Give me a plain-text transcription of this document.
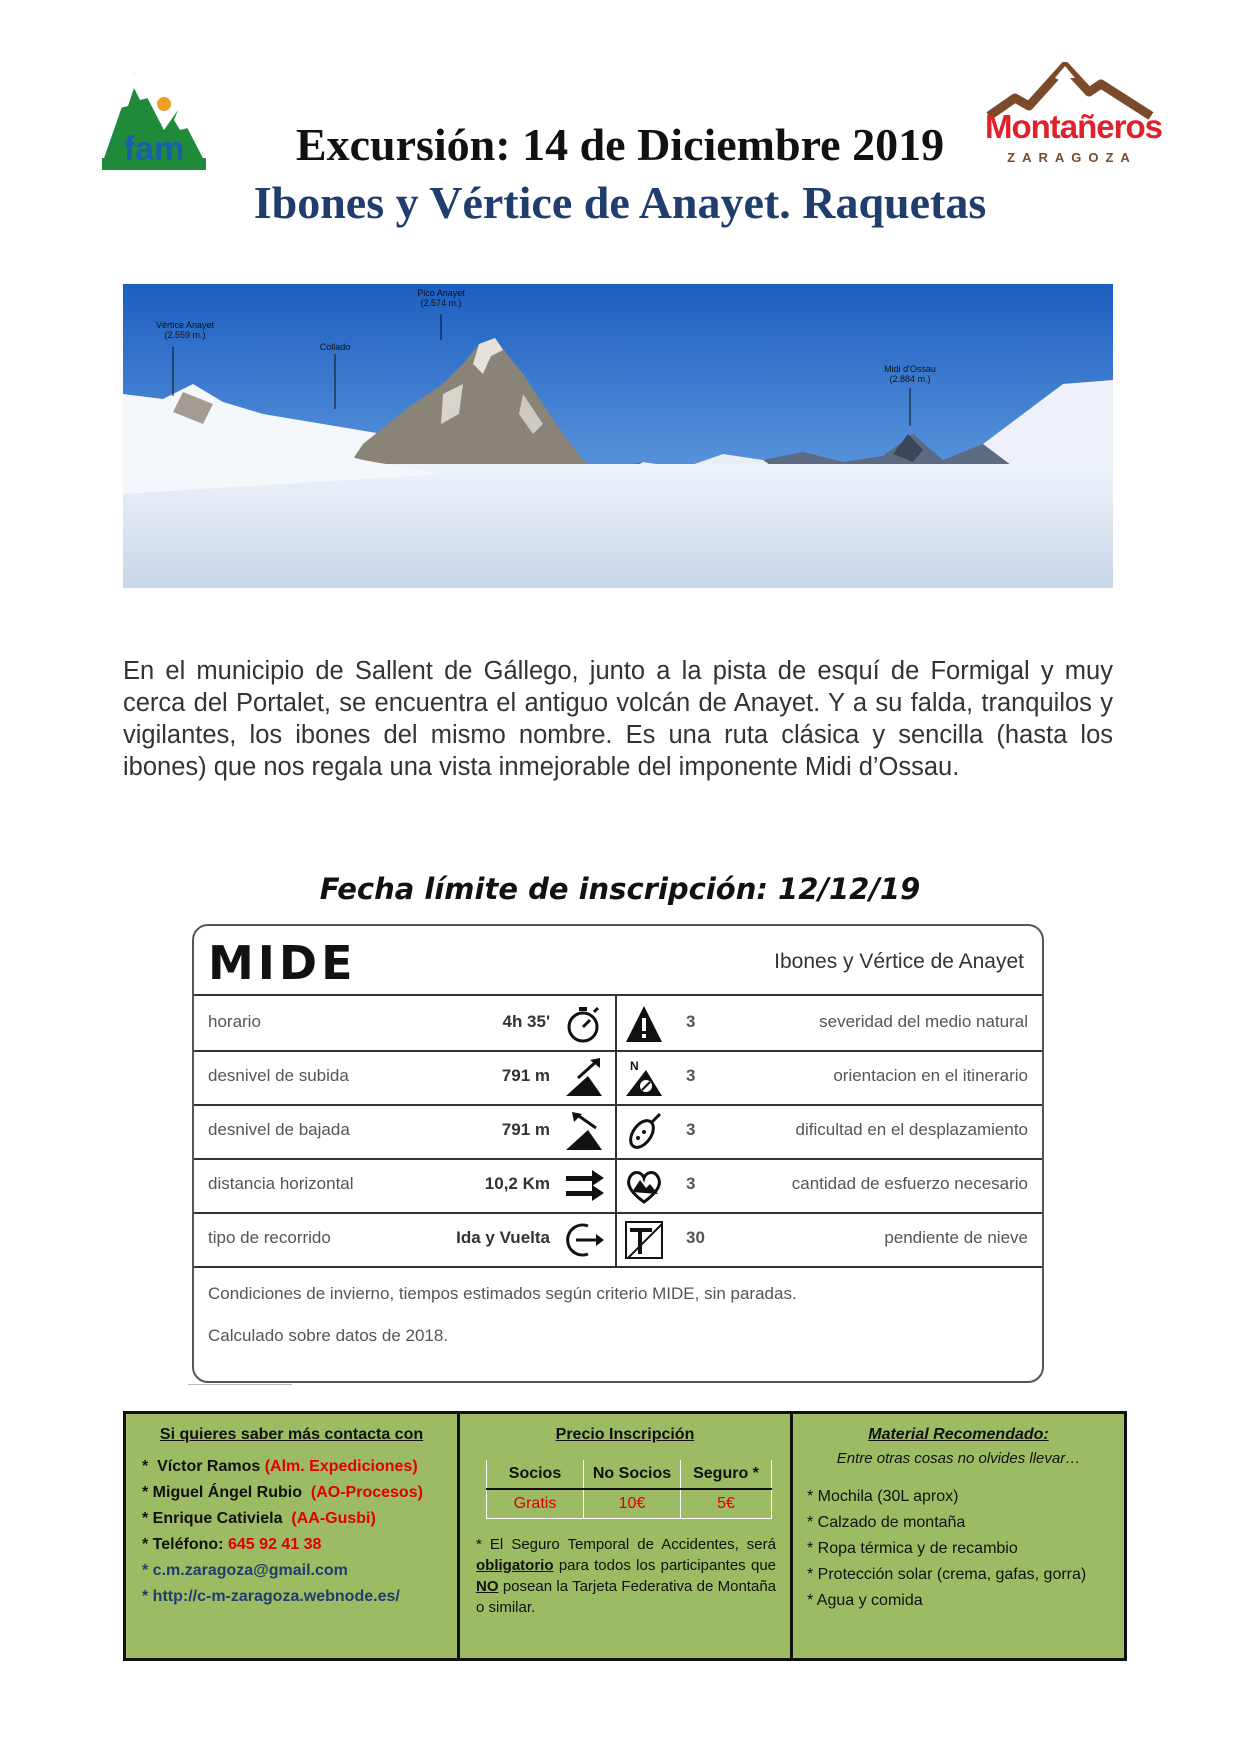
fam
Montañeros
ZARAGOZA
Excursión: 14 de Diciembre 2019
Ibones y Vértice de Anayet. Raquetas
Vértice Anayet
(2.559 m.)
Collado
Pico Anayet
(2.574 m.)
Midi d'Ossau
(2.884 m.)
En el municipio de Sallent de Gállego, junto a la pista de esquí de Formigal y muy cerca del Portalet, se encuentra el antiguo volcán de Anayet. Y a su falda, tranquilos y vigilantes, los ibones del mismo nombre. Es una ruta clásica y sencilla (hasta los ibones) que nos regala una vista inmejorable del imponente Midi d’Ossau.
Fecha límite de inscripción: 12/12/19
MIDE	Ibones y Vértice de Anayet
horario	4h 35'	3	severidad del medio natural
desnivel de subida	791 m	N	3	orientacion en el itinerario
desnivel de bajada	791 m	3	dificultad en el desplazamiento
distancia horizontal	10,2 Km	3	cantidad de esfuerzo necesario
tipo de recorrido	Ida y Vuelta	30	pendiente de nieve
Condiciones de invierno, tiempos estimados según criterio MIDE, sin paradas.
Calculado sobre datos de 2018.
Si quieres saber más contacta con
*  Víctor Ramos (Alm. Expediciones)
* Miguel Ángel Rubio (AO-Procesos)
* Enrique Cativiela (AA-Gusbi)
* Teléfono: 645 92 41 38
* c.m.zaragoza@gmail.com
* http://c-m-zaragoza.webnode.es/
Precio Inscripción
Socios	No Socios	Seguro *
Gratis	10€	5€
* El Seguro Temporal de Accidentes, será obligatorio para todos los participantes que NO posean la Tarjeta Federativa de Montaña o similar.
Material Recomendado:
Entre otras cosas no olvides llevar…
* Mochila (30L aprox)
* Calzado de montaña
* Ropa térmica y de recambio
* Protección solar (crema, gafas, gorra)
* Agua y comida
